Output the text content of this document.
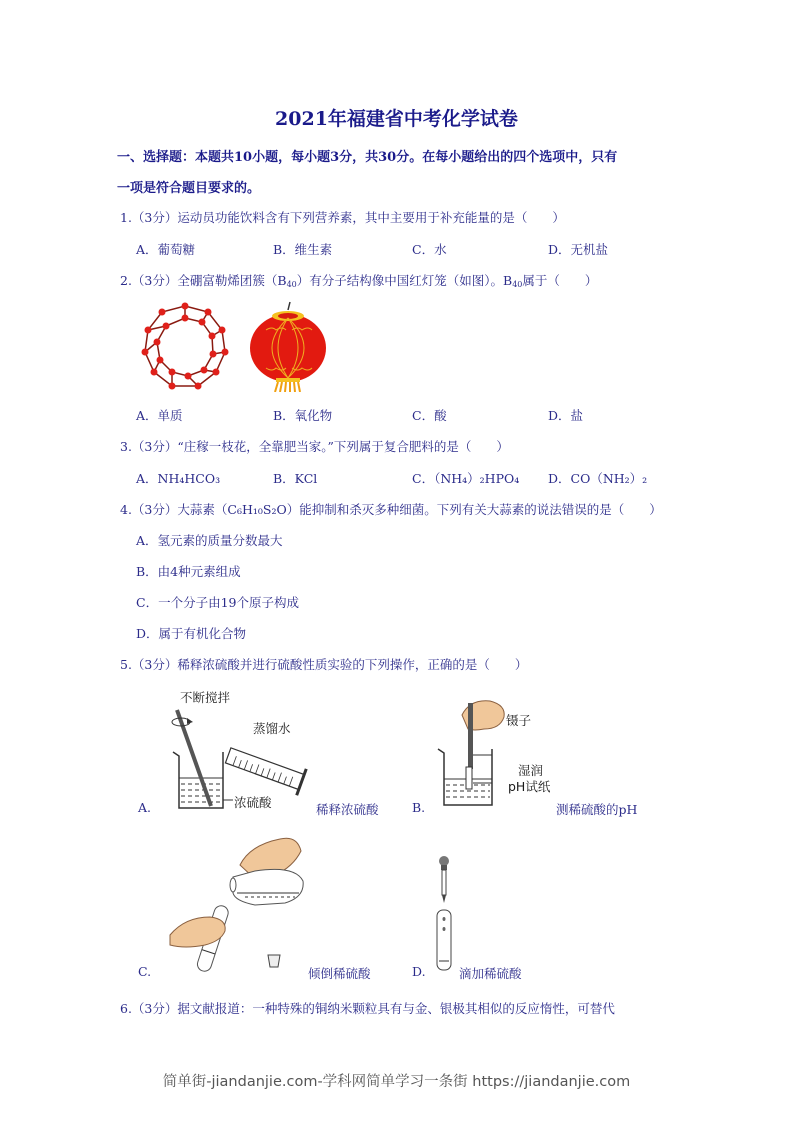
2021年福建省中考化学试卷
一、选择题：本题共10小题，每小题3分，共30分。在每小题给出的四个选项中，只有
一项是符合题目要求的。
1.（3分）运动员功能饮料含有下列营养素，其中主要用于补充能量的是（　　）
A．葡萄糖	B．维生素	C．水	D．无机盐
2.（3分）全硼富勒烯团簇$(B_{40})$有分子结构像中国红灯笼（如图）。$B_{40}$属于（　　）
A．单质	B．氧化物	C．酸	D．盐
3.（3分）“庄稼一枝花，全靠肥当家。”下列属于复合肥料的是（　　）
A．NH₄HCO₃	B．KCl	C．（NH₄）₂HPO₄ D．CO（NH₂）₂
4.（3分）大蒜素（C₆H₁₀S₂O）能抑制和杀灭多种细菌。下列有关大蒜素的说法错误的是（　　）
A．氢元素的质量分数最大
B．由4种元素组成
C．一个分子由19个原子构成
D．属于有机化合物
5.（3分）稀释浓硫酸并进行硫酸性质实验的下列操作，正确的是（　　）
不断搅拌
蒸馏水
浓硫酸
A.	稀释浓硫酸
镊子
湿润
pH试纸
B.	测稀硫酸的pH
C.	倾倒稀硫酸	D.	滴加稀硫酸
6.（3分）据文献报道：一种特殊的铜纳米颗粒具有与金、银极其相似的反应惰性，可替代
简单街-jiandanjie.com-学科网简单学习一条街 https://jiandanjie.com
